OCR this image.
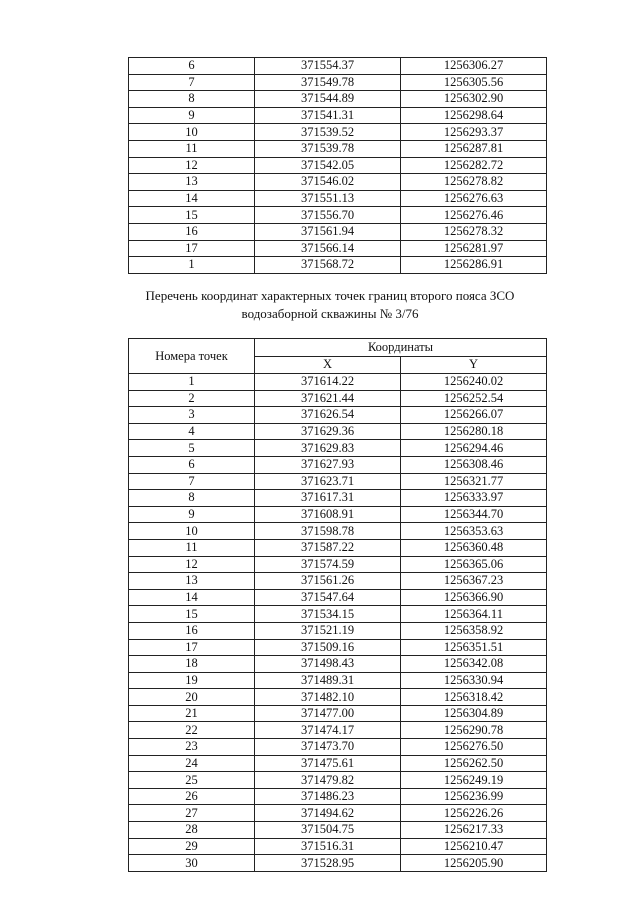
6	371554.37	1256306.27
7	371549.78	1256305.56
8	371544.89	1256302.90
9	371541.31	1256298.64
10	371539.52	1256293.37
11	371539.78	1256287.81
12	371542.05	1256282.72
13	371546.02	1256278.82
14	371551.13	1256276.63
15	371556.70	1256276.46
16	371561.94	1256278.32
17	371566.14	1256281.97
1	371568.72	1256286.91
Перечень координат характерных точек границ второго пояса ЗСО
водозаборной скважины № 3/76
Номера точек	Координаты	
	X	Y
1	371614.22	1256240.02
2	371621.44	1256252.54
3	371626.54	1256266.07
4	371629.36	1256280.18
5	371629.83	1256294.46
6	371627.93	1256308.46
7	371623.71	1256321.77
8	371617.31	1256333.97
9	371608.91	1256344.70
10	371598.78	1256353.63
11	371587.22	1256360.48
12	371574.59	1256365.06
13	371561.26	1256367.23
14	371547.64	1256366.90
15	371534.15	1256364.11
16	371521.19	1256358.92
17	371509.16	1256351.51
18	371498.43	1256342.08
19	371489.31	1256330.94
20	371482.10	1256318.42
21	371477.00	1256304.89
22	371474.17	1256290.78
23	371473.70	1256276.50
24	371475.61	1256262.50
25	371479.82	1256249.19
26	371486.23	1256236.99
27	371494.62	1256226.26
28	371504.75	1256217.33
29	371516.31	1256210.47
30	371528.95	1256205.90
